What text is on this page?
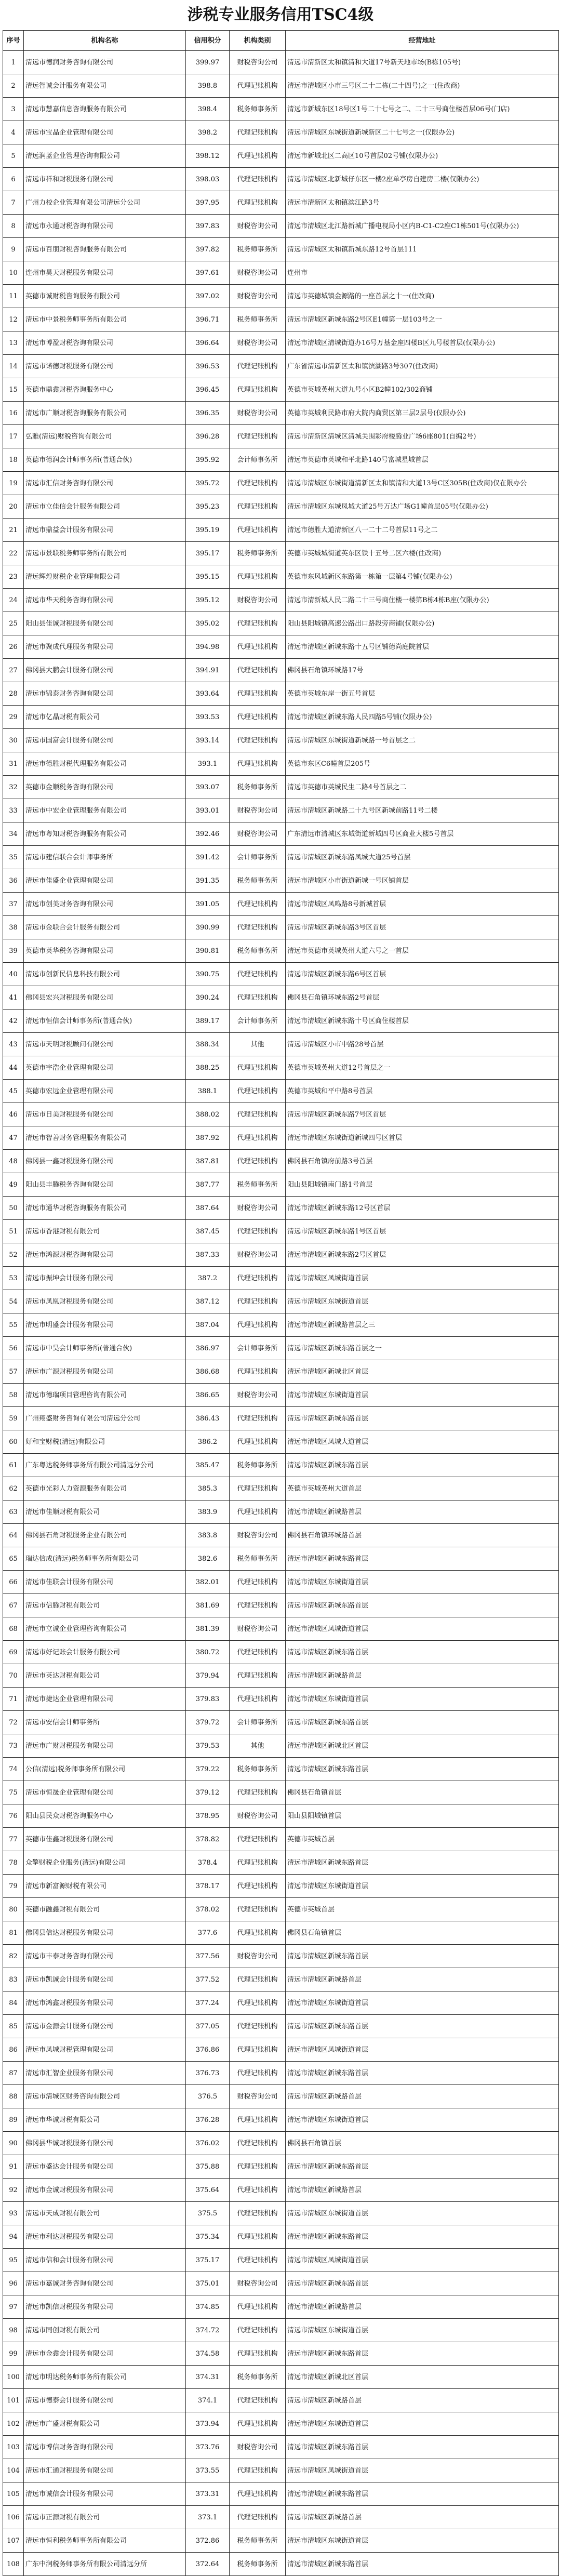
涉税专业服务信用TSC4级
序号	机构名称	信用积分	机构类别	经营地址
1	清远市德润财务咨询有限公司	399.97	财税咨询公司	清远市清新区太和镇清和大道17号新天地市场(B栋105号)
2	清远智诚会计服务有限公司	398.8	代理记账机构	清远市清城区小市三号区二十二栋(二十四号)之一(住改商)
3	清远市慧嘉信息咨询服务有限公司	398.4	税务师事务所	清远市新城东区18号区1号二十七号之二、二十三号商住楼首层06号(门店)
4	清远市宝晶企业管理有限公司	398.2	代理记账机构	清远市清城区东城街道新城新区二十七号之一(仅限办公)
5	清远润蓝企业管理咨询有限公司	398.12	代理记账机构	清远市新城北区二高区10号首层02号铺(仅限办公)
6	清远市祥和财税服务有限公司	398.03	代理记账机构	清远市清城区北新城仔东区一楼2座单亭房自建房二楼(仅限办公)
7	广州力校企业管理有限公司清远分公司	397.95	代理记账机构	清远市清新区太和镇滨江路3号
8	清远市永通财税咨询有限公司	397.83	财税咨询公司	清远市清城区北江路新城广播电视局小区内B-C1-C2座C1栋501号(仅限办公)
9	清远市百朋财税咨询服务有限公司	397.82	税务师事务所	清远市清城区太和镇新城东路12号首层111
10	连州市昊天财税服务有限公司	397.61	财税咨询公司	连州市
11	英德市诚财税咨询服务有限公司	397.02	财税咨询公司	清远市英德城镇金源路的一座首层之十一(住改商)
12	清远市中景税务师事务所有限公司	396.71	税务师事务所	清远市清城区新城东路2号区E1幢第一层103号之一
13	清远市博盈财税咨询有限公司	396.64	财税咨询公司	清远市清城区清城街道办16号万基金座四楼B区九号楼首层(仅限办公)
14	清远市诺德财税服务有限公司	396.53	代理记账机构	广东省清远市清新区太和镇滨湖路3号307(住改商)
15	英德市鼎鑫财税咨询服务中心	396.45	代理记账机构	英德市英城英州大道九号小区B2幢102/302商铺
16	清远市广顺财税咨询服务有限公司	396.35	财税咨询公司	英德市英城利民路市府大院内商贸区第三层2层号(仅限办公)
17	弘雅(清远)财税咨询有限公司	396.28	代理记账机构	清远市清新区清城区清城关围彩府楼腾业广场6座801(自编2号)
18	英德市德润会计师事务所(普通合伙)	395.92	会计师事务所	清远市英德市英城和平北路140号富城星城首层
19	清远市汇信财务咨询有限公司	395.72	代理记账机构	清远市清城区东城街道清新区太和镇清和大道13号C区305B(住改商)仅在限办公
20	清远市立佳信会计服务有限公司	395.23	代理记账机构	清远市清城区东城凤城大道25号万达广场G1幢首层05号(仅限办公)
21	清远市鼎益会计服务有限公司	395.19	代理记账机构	清远市德胜大道清新区八一二十二号首层11号之二
22	清远市景联税务师事务所有限公司	395.17	税务师事务所	英德市英城城街道英东区铁十五号二区六楼(住改商)
23	清远辉煌财税企业管理有限公司	395.15	代理记账机构	英德市东风城新区东路第一栋第一层第4号铺(仅限办公)
24	清远市华天税务咨询有限公司	395.12	财税咨询公司	清远市清新城人民二路二十三号商住楼一楼第B栋4栋B座(仅限办公)
25	阳山县佳诚财税服务有限公司	395.02	代理记账机构	阳山县阳城镇高速公路出口路段旁商铺(仅限办公)
26	清远市聚成代理服务有限公司	394.98	代理记账机构	清远市清城区新城东路十五号区铺德尚庭院首层
27	佛冈县大鹏会计服务有限公司	394.91	代理记账机构	佛冈县石角镇环城路17号
28	清远市锦泰财务咨询有限公司	393.64	代理记账机构	英德市英城东岸一街五号首层
29	清远市亿晶财税有限公司	393.53	代理记账机构	清远市清城区新城东路人民四路5号铺(仅限办公)
30	清远市国富会计服务有限公司	393.14	代理记账机构	清远市清城区东城街道新城路一号首层之二
31	清远市德胜财税代理服务有限公司	393.1	代理记账机构	英德市东区C6幢首层205号
32	英德市金顺税务咨询有限公司	393.07	税务师事务所	清远市英德市英城民生二路4号首层之二
33	清远市中宏企业管理服务有限公司	393.01	财税咨询公司	清远市清城区新城路二十九号区新城前路11号二楼
34	清远市粤知财税咨询服务有限公司	392.46	财税咨询公司	广东清远市清城区东城街道新城四号区商业大楼5号首层
35	清远市建信联合会计师事务所	391.42	会计师事务所	清远市清城区新城东路凤城大道25号首层
36	清远市佳盛企业管理有限公司	391.35	税务师事务所	清远市清城区小市街道新城一号区铺首层
37	清远市创美财务咨询有限公司	391.05	代理记账机构	清远市清城区凤鸣路8号新城首层
38	清远市金联合会计服务有限公司	390.99	代理记账机构	清远市清城区新城东路3号区首层
39	英德市英华税务咨询有限公司	390.81	税务师事务所	清远市英德市英城英州大道六号之一首层
40	清远市创新民信息科技有限公司	390.75	代理记账机构	清远市清城区新城东路6号区首层
41	佛冈县宏兴财税服务有限公司	390.24	代理记账机构	佛冈县石角镇环城东路2号首层
42	清远市恒信会计师事务所(普通合伙)	389.17	会计师事务所	清远市清城区新城东路十号区商住楼首层
43	清远市天明财税顾问有限公司	388.34	其他	清远市清城区小市中路28号首层
44	英德市宇浩企业管理有限公司	388.25	代理记账机构	英德市英城英州大道12号首层之一
45	英德市宏远企业管理有限公司	388.1	代理记账机构	英德市英城和平中路8号首层
46	清远市日美财税服务有限公司	388.02	代理记账机构	清远市清城区新城东路7号区首层
47	清远市智善财务管理服务有限公司	387.92	代理记账机构	清远市清城区东城街道新城四号区首层
48	佛冈县一鑫财税服务有限公司	387.81	代理记账机构	佛冈县石角镇府前路3号首层
49	阳山县丰腾税务咨询有限公司	387.77	税务师事务所	阳山县阳城镇南门路1号首层
50	清远市通华财税咨询服务有限公司	387.64	财税咨询公司	清远市清城区新城东路12号区首层
51	清远市香港财税有限公司	387.45	代理记账机构	清远市清城区新城东路1号区首层
52	清远市鸿源财税咨询有限公司	387.33	财税咨询公司	清远市清城区新城东路2号区首层
53	清远市振坤会计服务有限公司	387.2	代理记账机构	清远市清城区凤城街道首层
54	清远市凤凰财税服务有限公司	387.12	代理记账机构	清远市清城区东城街道首层
55	清远市明盛会计服务有限公司	387.04	代理记账机构	清远市清城区新城路首层之三
56	清远市中昊会计师事务所(普通合伙)	386.97	会计师事务所	清远市清城区新城东路首层之一
57	清远市广源财税服务有限公司	386.68	代理记账机构	清远市清城区新城北区首层
58	清远市德瑞项目管理咨询有限公司	386.65	财税咨询公司	清远市清城区东城街道首层
59	广州翔盛财务咨询有限公司清远分公司	386.43	代理记账机构	清远市清城区新城东路首层
60	好和宝财税(清远)有限公司	386.2	代理记账机构	清远市清城区凤城大道首层
61	广东粤达税务师事务所有限公司清远分公司	385.47	税务师事务所	清远市清城区新城东路首层
62	英德市光彩人力资源服务有限公司	385.3	代理记账机构	英德市英城英州大道首层
63	清远市佳顺财税有限公司	383.9	代理记账机构	清远市清城区新城路首层
64	佛冈县石角财税服务企业有限公司	383.8	财税咨询公司	佛冈县石角镇环城路首层
65	瑞达信成(清远)税务师事务所有限公司	382.6	税务师事务所	清远市清城区新城东路首层
66	清远市佳联会计服务有限公司	382.01	代理记账机构	清远市清城区东城街道首层
67	清远市信腾财税有限公司	381.69	代理记账机构	清远市清城区新城东路首层
68	清远市立诚企业管理咨询有限公司	381.39	财税咨询公司	清远市清城区凤城街道首层
69	清远市好记账会计服务有限公司	380.72	代理记账机构	清远市清城区新城东路首层
70	清远市英达财税有限公司	379.94	代理记账机构	清远市清城区新城路首层
71	清远市捷达企业管理有限公司	379.83	代理记账机构	清远市清城区东城街道首层
72	清远市安信会计师事务所	379.72	会计师事务所	清远市清城区新城东路首层
73	清远市广财财税服务有限公司	379.53	其他	清远市清城区新城北区首层
74	公信(清远)税务师事务所有限公司	379.22	税务师事务所	清远市清城区新城东路首层
75	清远市恒晟企业管理有限公司	379.12	代理记账机构	佛冈县石角镇首层
76	阳山县民众财税咨询服务中心	378.95	财税咨询公司	阳山县阳城镇首层
77	英德市佳鑫财税服务有限公司	378.82	代理记账机构	英德市英城首层
78	众擎财税企业服务(清远)有限公司	378.4	代理记账机构	清远市清城区新城东路首层
79	清远市新富源财税有限公司	378.17	代理记账机构	清远市清城区东城街道首层
80	英德市融鑫财税有限公司	378.02	代理记账机构	英德市英城首层
81	佛冈县信达财税服务有限公司	377.6	代理记账机构	佛冈县石角镇首层
82	清远市丰泰财务咨询有限公司	377.56	财税咨询公司	清远市清城区新城东路首层
83	清远市凯诚会计服务有限公司	377.52	代理记账机构	清远市清城区新城路首层
84	清远市鸿鑫财税服务有限公司	377.24	代理记账机构	清远市清城区东城街道首层
85	清远市金源会计服务有限公司	377.05	代理记账机构	清远市清城区新城东路首层
86	清远市凤城财税管理有限公司	376.86	代理记账机构	清远市清城区凤城街道首层
87	清远市汇智企业服务有限公司	376.73	代理记账机构	清远市清城区新城东路首层
88	清远市清城区财务咨询有限公司	376.5	财税咨询公司	清远市清城区新城路首层
89	清远市华诚财税有限公司	376.28	代理记账机构	清远市清城区东城街道首层
90	佛冈县华诚财税服务有限公司	376.02	代理记账机构	佛冈县石角镇首层
91	清远市盛达会计服务有限公司	375.88	代理记账机构	清远市清城区新城东路首层
92	清远市金诚财税服务有限公司	375.64	代理记账机构	清远市清城区新城路首层
93	清远市天成财税有限公司	375.5	代理记账机构	清远市清城区东城街道首层
94	清远市利达财税服务有限公司	375.34	代理记账机构	清远市清城区新城东路首层
95	清远市信和会计服务有限公司	375.17	代理记账机构	清远市清城区凤城街道首层
96	清远市嘉诚财务咨询有限公司	375.01	财税咨询公司	清远市清城区新城东路首层
97	清远市凯信财税服务有限公司	374.85	代理记账机构	清远市清城区新城路首层
98	清远市同创财税有限公司	374.72	代理记账机构	清远市清城区东城街道首层
99	清远市金鑫会计服务有限公司	374.58	代理记账机构	清远市清城区新城东路首层
100	清远市明达税务师事务所有限公司	374.31	税务师事务所	清远市清城区新城北区首层
101	清远市德泰会计服务有限公司	374.1	代理记账机构	清远市清城区新城路首层
102	清远市广盛财税有限公司	373.94	代理记账机构	清远市清城区东城街道首层
103	清远市博信财务咨询有限公司	373.76	财税咨询公司	清远市清城区新城东路首层
104	清远市汇通财税服务有限公司	373.55	代理记账机构	清远市清城区凤城街道首层
105	清远市诚信会计服务有限公司	373.31	代理记账机构	清远市清城区新城东路首层
106	清远市正源财税有限公司	373.1	代理记账机构	清远市清城区新城路首层
107	清远市恒利税务师事务所有限公司	372.86	税务师事务所	清远市清城区东城街道首层
108	广东中润税务师事务所有限公司清远分所	372.64	税务师事务所	清远市清城区新城东路首层
